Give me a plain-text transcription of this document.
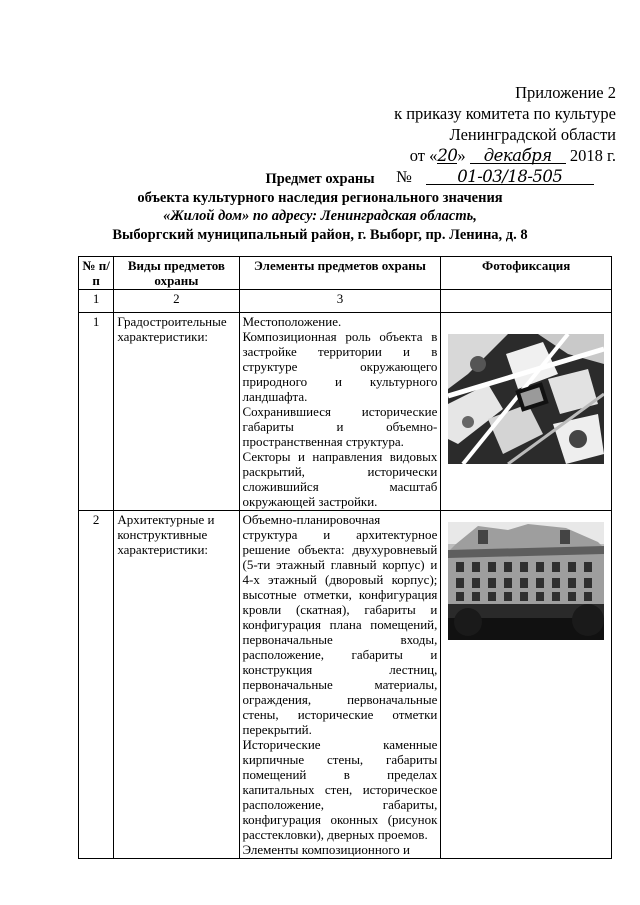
Приложение 2
к приказу комитета по культуре
Ленинградской области
от «20» декабря 2018 г.
№	01-03/18-505
Предмет охраны
объекта культурного наследия регионального значения
«Жилой дом» по адресу: Ленинградская область,
Выборгский муниципальный район, г. Выборг, пр. Ленина, д. 8
№ п/п	Виды предметов охраны	Элементы предметов охраны	Фотофиксация
1	2	3	
1	Градостроительные характеристики:	Местоположение.

Композиционная роль объекта в застройке территории и в структуре окружающего природного и культурного ландшафта.

Сохранившиеся исторические габариты и объемно-пространственная структура.

Секторы и направления видовых раскрытий, исторически сложившийся масштаб окружающей застройки.

2	Архитектурные и конструктивные характеристики:	Объемно-планировочная структура и архитектурное решение объекта: двухуровневый (5-ти этажный главный корпус) и 4-х этажный (дворовый корпус); высотные отметки, конфигурация кровли (скатная), габариты и конфигурация плана помещений, первоначальные входы, расположение, габариты и конструкция лестниц, первоначальные материалы, ограждения, первоначальные стены, исторические отметки перекрытий.

Исторические каменные кирпичные стены, габариты помещений в пределах капитальных стен, историческое расположение, габариты, конфигурация оконных (рисунок расстекловки), дверных проемов.

Элементы композиционного и
